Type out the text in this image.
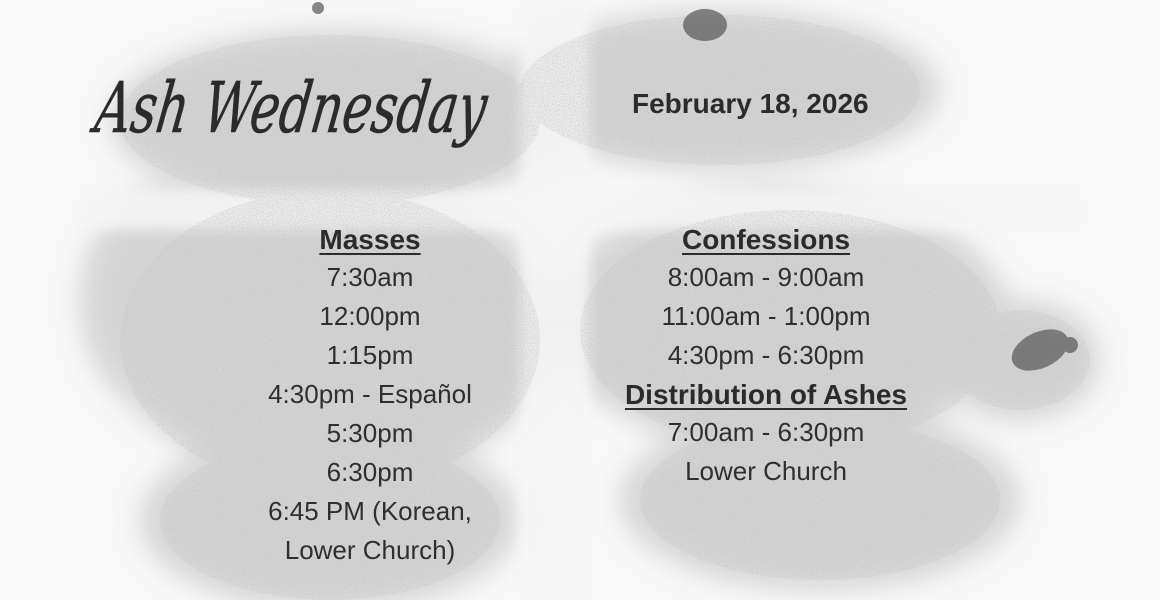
Ash Wednesday
February 18, 2026

Masses

7:30am

12:00pm

1:15pm

4:30pm - Español

5:30pm

6:30pm

6:45 PM (Korean,

Lower Church)

Confessions

8:00am - 9:00am

11:00am - 1:00pm

4:30pm - 6:30pm

Distribution of Ashes

7:00am - 6:30pm

Lower Church
